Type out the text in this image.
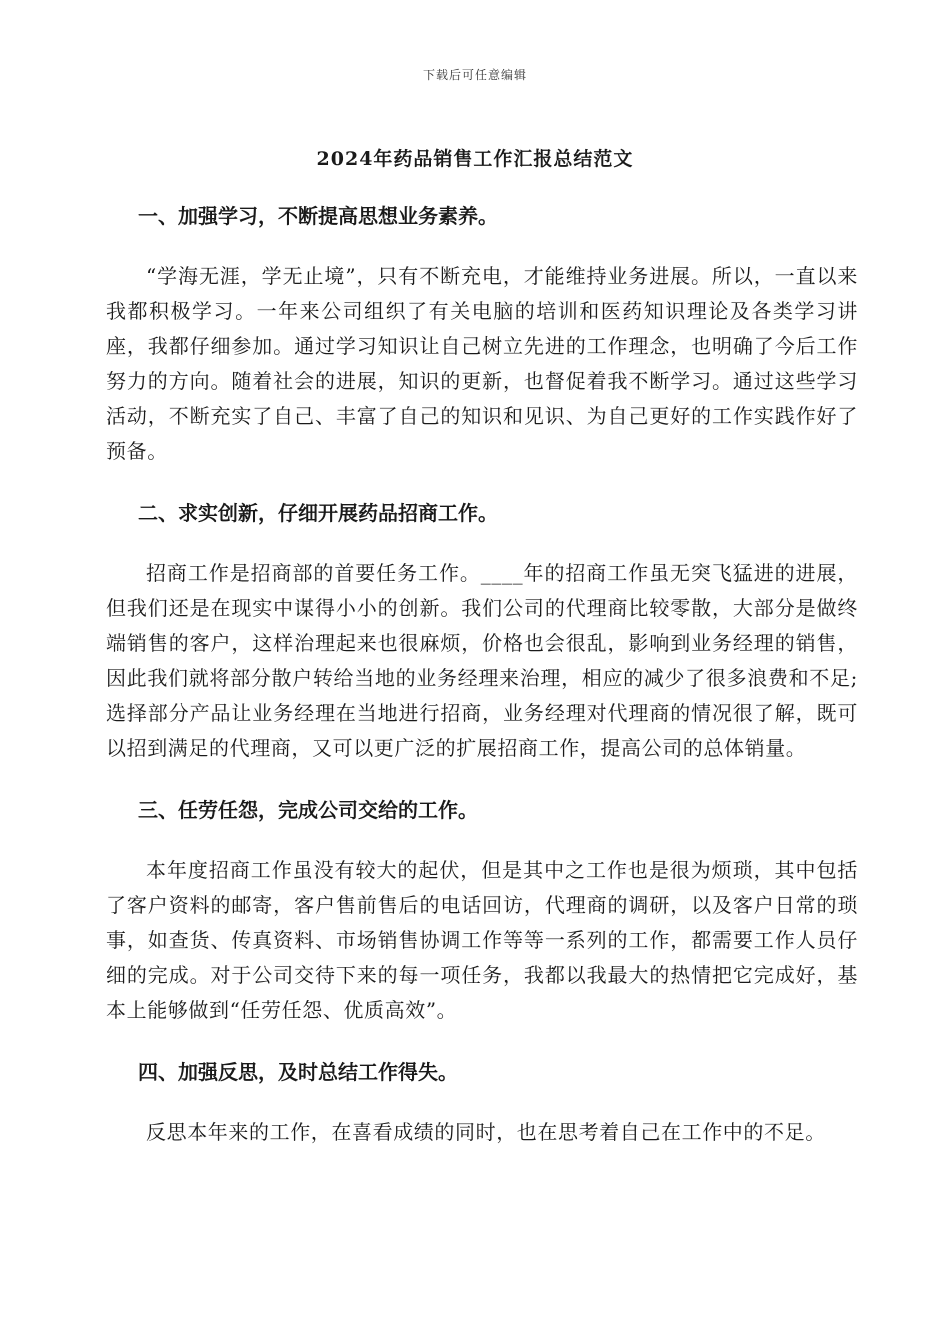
下载后可任意编辑
2024年药品销售工作汇报总结范文

一、加强学习，不断提高思想业务素养。

“学海无涯，学无止境”，只有不断充电，才能维持业务进展。所以，一直以来我都积极学习。一年来公司组织了有关电脑的培训和医药知识理论及各类学习讲座，我都仔细参加。通过学习知识让自己树立先进的工作理念，也明确了今后工作努力的方向。随着社会的进展，知识的更新，也督促着我不断学习。通过这些学习活动，不断充实了自己、丰富了自己的知识和见识、为自己更好的工作实践作好了预备。

二、求实创新，仔细开展药品招商工作。

招商工作是招商部的首要任务工作。____年的招商工作虽无突飞猛进的进展，但我们还是在现实中谋得小小的创新。我们公司的代理商比较零散，大部分是做终端销售的客户，这样治理起来也很麻烦，价格也会很乱，影响到业务经理的销售，因此我们就将部分散户转给当地的业务经理来治理，相应的减少了很多浪费和不足;选择部分产品让业务经理在当地进行招商，业务经理对代理商的情况很了解，既可以招到满足的代理商，又可以更广泛的扩展招商工作，提高公司的总体销量。

三、任劳任怨，完成公司交给的工作。

本年度招商工作虽没有较大的起伏，但是其中之工作也是很为烦琐，其中包括了客户资料的邮寄，客户售前售后的电话回访，代理商的调研，以及客户日常的琐事，如查货、传真资料、市场销售协调工作等等一系列的工作，都需要工作人员仔细的完成。对于公司交待下来的每一项任务，我都以我最大的热情把它完成好，基本上能够做到“任劳任怨、优质高效”。

四、加强反思，及时总结工作得失。

反思本年来的工作，在喜看成绩的同时，也在思考着自己在工作中的不足。
